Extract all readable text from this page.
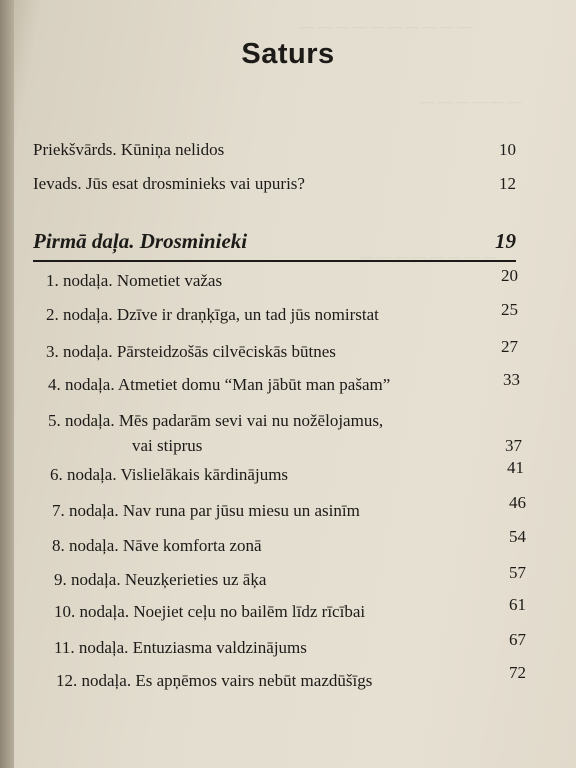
— — — — — — — — — —
— — — — — —
— — — — — — — —
Saturs
Priekšvārds. Kūniņa nelidos	10
Ievads. Jūs esat drosminieks vai upuris?	12
Pirmā daļa. Drosminieki	19
1. nodaļa. Nometiet važas	20
2. nodaļa. Dzīve ir draņķīga, un tad jūs nomirstat	25
3. nodaļa. Pārsteidzošās cilvēciskās būtnes	27
4. nodaļa. Atmetiet domu “Man jābūt man pašam”	33
5. nodaļa. Mēs padarām sevi vai nu nožēlojamus,
vai stiprus	37
6. nodaļa. Vislielākais kārdinājums	41
7. nodaļa. Nav runa par jūsu miesu un asinīm	46
8. nodaļa. Nāve komforta zonā	54
9. nodaļa. Neuzķerieties uz āķa	57
10. nodaļa. Noejiet ceļu no bailēm līdz rīcībai	61
11. nodaļa. Entuziasma valdzinājums	67
12. nodaļa. Es apņēmos vairs nebūt mazdūšīgs	72
